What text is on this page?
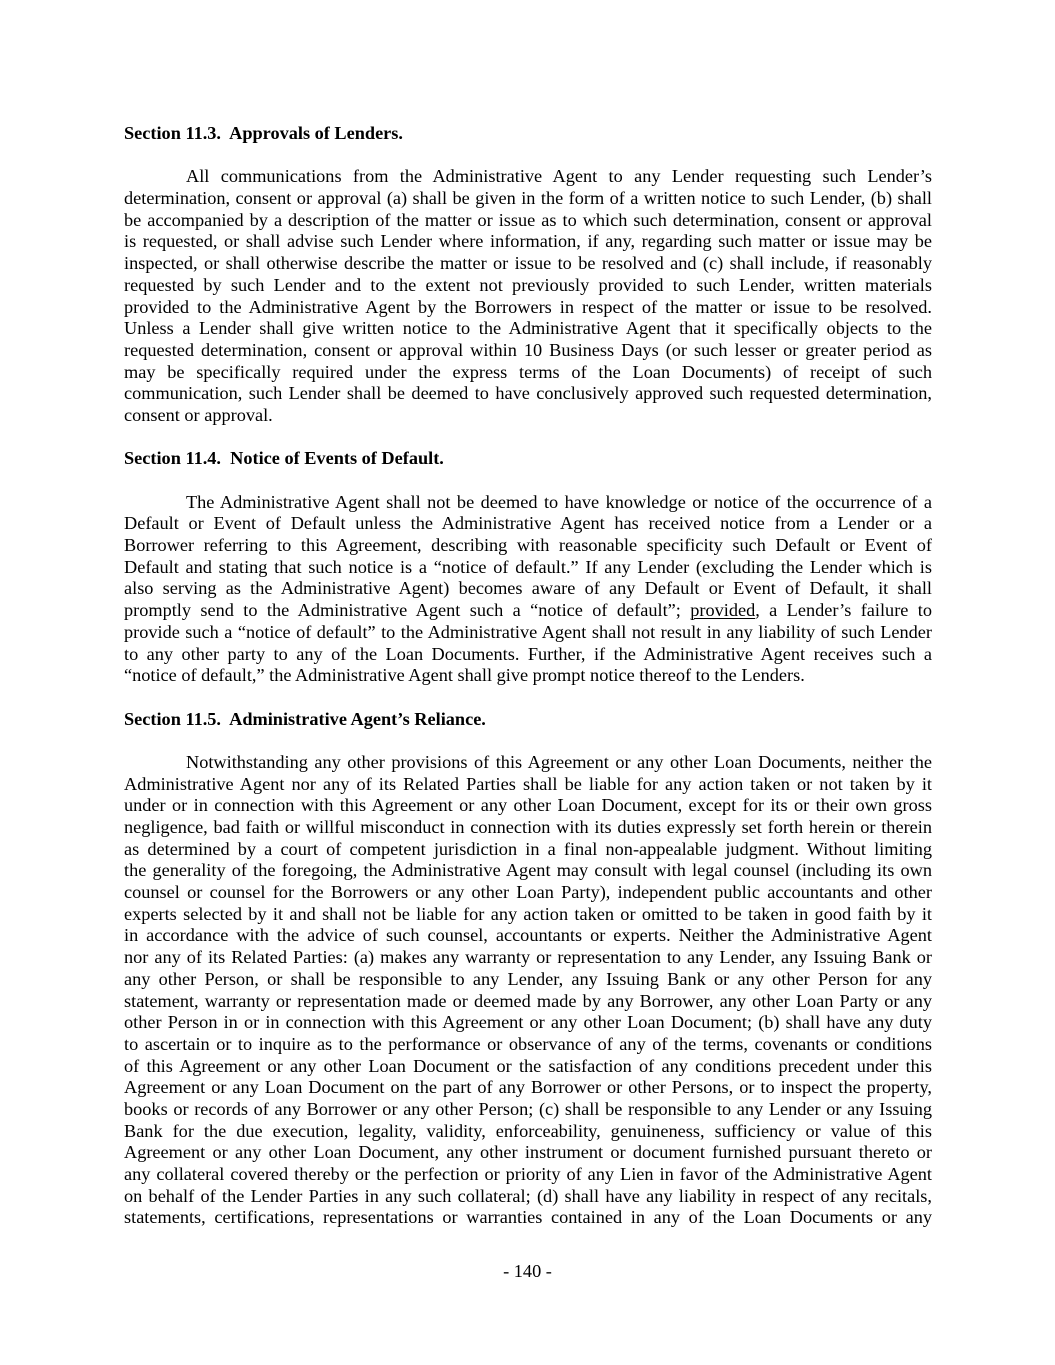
Section 11.3.  Approvals of Lenders.
All communications from the Administrative Agent to any Lender requesting such Lender’s
determination, consent or approval (a) shall be given in the form of a written notice to such Lender, (b) shall
be accompanied by a description of the matter or issue as to which such determination, consent or approval
is requested, or shall advise such Lender where information, if any, regarding such matter or issue may be
inspected, or shall otherwise describe the matter or issue to be resolved and (c) shall include, if reasonably
requested by such Lender and to the extent not previously provided to such Lender, written materials
provided to the Administrative Agent by the Borrowers in respect of the matter or issue to be resolved.
Unless a Lender shall give written notice to the Administrative Agent that it specifically objects to the
requested determination, consent or approval within 10 Business Days (or such lesser or greater period as
may be specifically required under the express terms of the Loan Documents) of receipt of such
communication, such Lender shall be deemed to have conclusively approved such requested determination,
consent or approval.
Section 11.4.  Notice of Events of Default.
The Administrative Agent shall not be deemed to have knowledge or notice of the occurrence of a
Default or Event of Default unless the Administrative Agent has received notice from a Lender or a
Borrower referring to this Agreement, describing with reasonable specificity such Default or Event of
Default and stating that such notice is a “notice of default.” If any Lender (excluding the Lender which is
also serving as the Administrative Agent) becomes aware of any Default or Event of Default, it shall
promptly send to the Administrative Agent such a “notice of default”; provided, a Lender’s failure to
provide such a “notice of default” to the Administrative Agent shall not result in any liability of such Lender
to any other party to any of the Loan Documents. Further, if the Administrative Agent receives such a
“notice of default,” the Administrative Agent shall give prompt notice thereof to the Lenders.
Section 11.5.  Administrative Agent’s Reliance.
Notwithstanding any other provisions of this Agreement or any other Loan Documents, neither the
Administrative Agent nor any of its Related Parties shall be liable for any action taken or not taken by it
under or in connection with this Agreement or any other Loan Document, except for its or their own gross
negligence, bad faith or willful misconduct in connection with its duties expressly set forth herein or therein
as determined by a court of competent jurisdiction in a final non-appealable judgment. Without limiting
the generality of the foregoing, the Administrative Agent may consult with legal counsel (including its own
counsel or counsel for the Borrowers or any other Loan Party), independent public accountants and other
experts selected by it and shall not be liable for any action taken or omitted to be taken in good faith by it
in accordance with the advice of such counsel, accountants or experts. Neither the Administrative Agent
nor any of its Related Parties: (a) makes any warranty or representation to any Lender, any Issuing Bank or
any other Person, or shall be responsible to any Lender, any Issuing Bank or any other Person for any
statement, warranty or representation made or deemed made by any Borrower, any other Loan Party or any
other Person in or in connection with this Agreement or any other Loan Document; (b) shall have any duty
to ascertain or to inquire as to the performance or observance of any of the terms, covenants or conditions
of this Agreement or any other Loan Document or the satisfaction of any conditions precedent under this
Agreement or any Loan Document on the part of any Borrower or other Persons, or to inspect the property,
books or records of any Borrower or any other Person; (c) shall be responsible to any Lender or any Issuing
Bank for the due execution, legality, validity, enforceability, genuineness, sufficiency or value of this
Agreement or any other Loan Document, any other instrument or document furnished pursuant thereto or
any collateral covered thereby or the perfection or priority of any Lien in favor of the Administrative Agent
on behalf of the Lender Parties in any such collateral; (d) shall have any liability in respect of any recitals,
statements, certifications, representations or warranties contained in any of the Loan Documents or any
- 140 -
